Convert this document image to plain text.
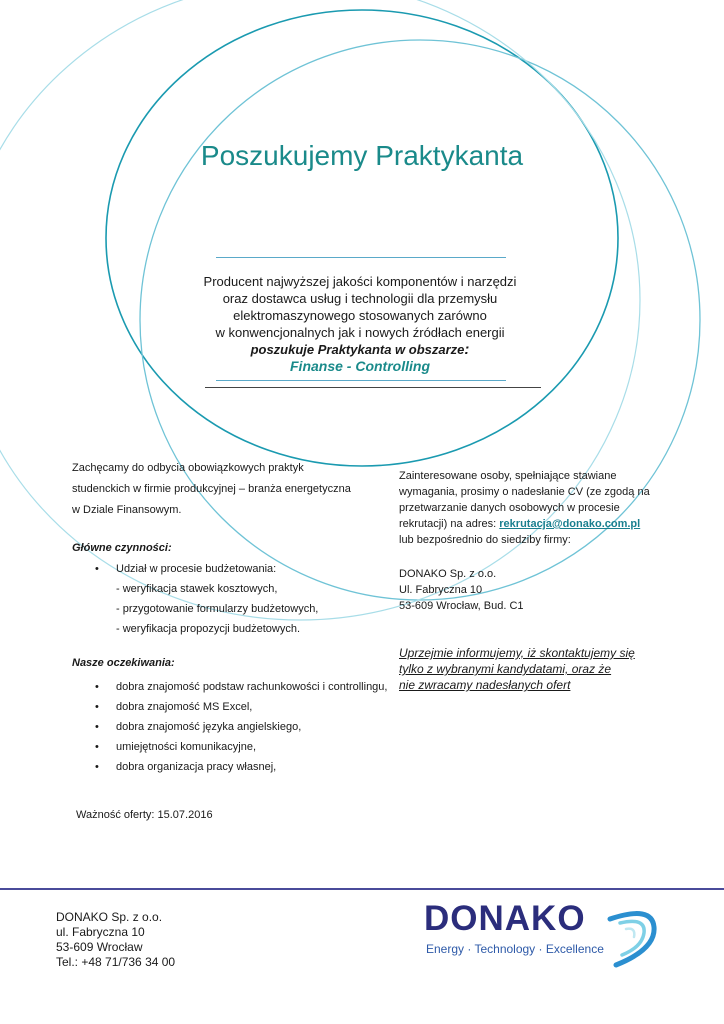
Poszukujemy Praktykanta
Producent najwyższej jakości komponentów i narzędzi
oraz dostawca usług i technologii dla przemysłu
elektromaszynowego stosowanych zarówno
w konwencjonalnych jak i nowych źródłach energii
poszukuje Praktykanta w obszarze:
Finanse - Controlling
Zachęcamy do odbycia obowiązkowych praktyk
studenckich w firmie produkcyjnej – branża energetyczna
w Dziale Finansowym.
Główne czynności:
• Udział w procesie budżetowania:
- weryfikacja stawek kosztowych,
- przygotowanie formularzy budżetowych,
- weryfikacja propozycji budżetowych.
Nasze oczekiwania:
• dobra znajomość podstaw rachunkowości i controllingu,
• dobra znajomość MS Excel,
• dobra znajomość języka angielskiego,
• umiejętności komunikacyjne,
• dobra organizacja pracy własnej,
Ważność oferty: 15.07.2016
Zainteresowane osoby, spełniające stawiane
wymagania, prosimy o nadesłanie CV (ze zgodą na
przetwarzanie danych osobowych w procesie
rekrutacji) na adres: rekrutacja@donako.com.pl
lub bezpośrednio do siedziby firmy:
DONAKO Sp. z o.o.
Ul. Fabryczna 10
53-609 Wrocław, Bud. C1
Uprzejmie informujemy, iż skontaktujemy się
tylko z wybranymi kandydatami, oraz że
nie zwracamy nadesłanych ofert
DONAKO Sp. z o.o.
ul. Fabryczna 10
53-609 Wrocław
Tel.: +48 71/736 34 00
DONAKO
Energy · Technology · Excellence
